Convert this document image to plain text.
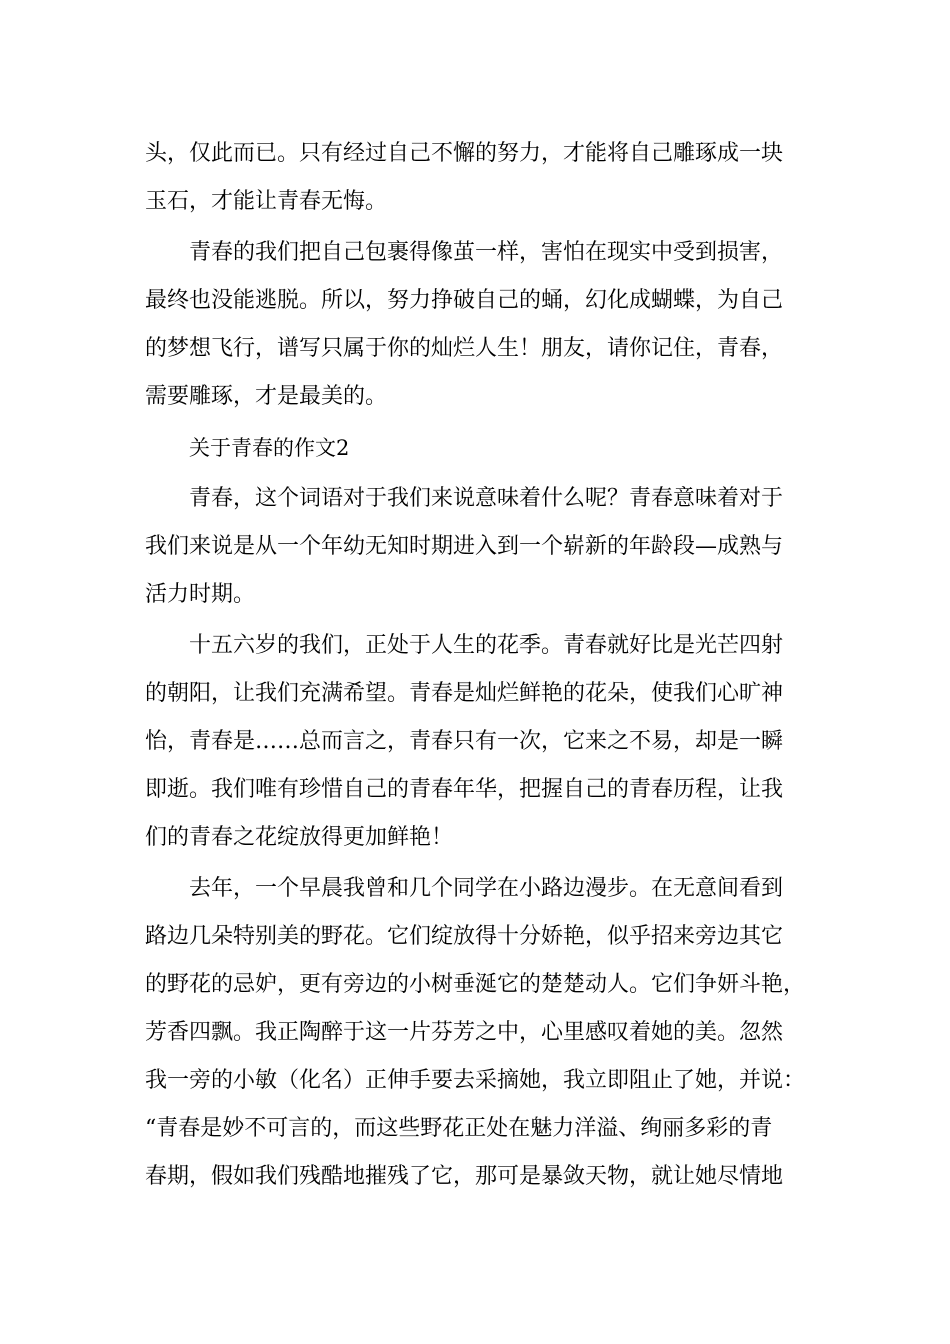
头，仅此而已。只有经过自己不懈的努力，才能将自己雕琢成一块
玉石，才能让青春无悔。
青春的我们把自己包裹得像茧一样，害怕在现实中受到损害，
最终也没能逃脱。所以，努力挣破自己的蛹，幻化成蝴蝶，为自己
的梦想飞行，谱写只属于你的灿烂人生！朋友，请你记住，青春，
需要雕琢，才是最美的。
关于青春的作文2
青春，这个词语对于我们来说意味着什么呢？青春意味着对于
我们来说是从一个年幼无知时期进入到一个崭新的年龄段—成熟与
活力时期。
十五六岁的我们，正处于人生的花季。青春就好比是光芒四射
的朝阳，让我们充满希望。青春是灿烂鲜艳的花朵，使我们心旷神
怡，青春是……总而言之，青春只有一次，它来之不易，却是一瞬
即逝。我们唯有珍惜自己的青春年华，把握自己的青春历程，让我
们的青春之花绽放得更加鲜艳！
去年，一个早晨我曾和几个同学在小路边漫步。在无意间看到
路边几朵特别美的野花。它们绽放得十分娇艳，似乎招来旁边其它
的野花的忌妒，更有旁边的小树垂涎它的楚楚动人。它们争妍斗艳，
芳香四飘。我正陶醉于这一片芬芳之中，心里感叹着她的美。忽然
我一旁的小敏（化名）正伸手要去采摘她，我立即阻止了她，并说：
“青春是妙不可言的，而这些野花正处在魅力洋溢、绚丽多彩的青
春期，假如我们残酷地摧残了它，那可是暴敛天物，就让她尽情地
